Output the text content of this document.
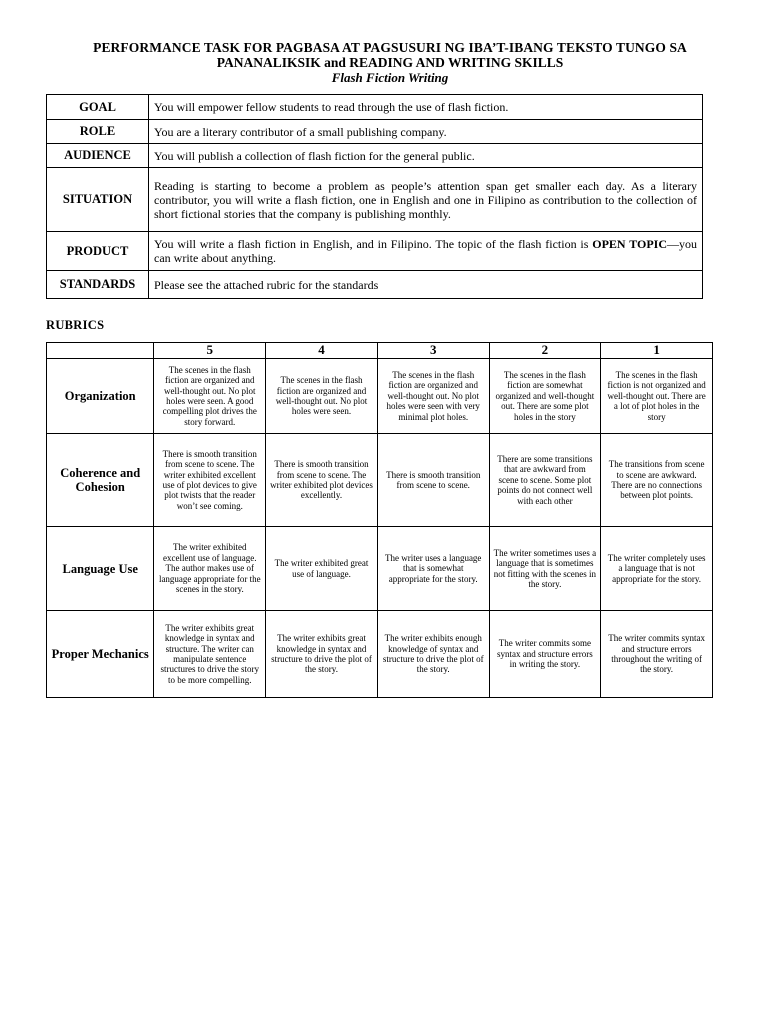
PERFORMANCE TASK FOR PAGBASA AT PAGSUSURI NG IBA’T-IBANG TEKSTO TUNGO SA
PANANALIKSIK and READING AND WRITING SKILLS
Flash Fiction Writing
GOAL	You will empower fellow students to read through the use of flash fiction.
ROLE	You are a literary contributor of a small publishing company.
AUDIENCE	You will publish a collection of flash fiction for the general public.
SITUATION	Reading is starting to become a problem as people’s attention span get smaller each day. As a literary contributor, you will write a flash fiction, one in English and one in Filipino as contribution to the collection of short fictional stories that the company is publishing monthly.
PRODUCT	You will write a flash fiction in English, and in Filipino. The topic of the flash fiction is OPEN TOPIC—you can write about anything.
STANDARDS	Please see the attached rubric for the standards
RUBRICS
	5	4	3	2	1
Organization	The scenes in the flash fiction are organized and well-thought out. No plot holes were seen. A good compelling plot drives the story forward.	The scenes in the flash fiction are organized and well-thought out. No plot holes were seen.	The scenes in the flash fiction are organized and well-thought out. No plot holes were seen with very minimal plot holes.	The scenes in the flash fiction are somewhat organized and well-thought out. There are some plot holes in the story	The scenes in the flash fiction is not organized and well-thought out. There are a lot of plot holes in the story
Coherence and Cohesion	There is smooth transition from scene to scene. The writer exhibited excellent use of plot devices to give plot twists that the reader won’t see coming.	There is smooth transition from scene to scene. The writer exhibited plot devices excellently.	There is smooth transition from scene to scene.	There are some transitions that are awkward from scene to scene. Some plot points do not connect well with each other	The transitions from scene to scene are awkward. There are no connections between plot points.
Language Use	The writer exhibited excellent use of language. The author makes use of language appropriate for the scenes in the story.	The writer exhibited great use of language.	The writer uses a language that is somewhat appropriate for the story.	The writer sometimes uses a language that is sometimes not fitting with the scenes in the story.	The writer completely uses a language that is not appropriate for the story.
Proper Mechanics	The writer exhibits great knowledge in syntax and structure. The writer can manipulate sentence structures to drive the story to be more compelling.	The writer exhibits great knowledge in syntax and structure to drive the plot of the story.	The writer exhibits enough knowledge of syntax and structure to drive the plot of the story.	The writer commits some syntax and structure errors in writing the story.	The writer commits syntax and structure errors throughout the writing of the story.
